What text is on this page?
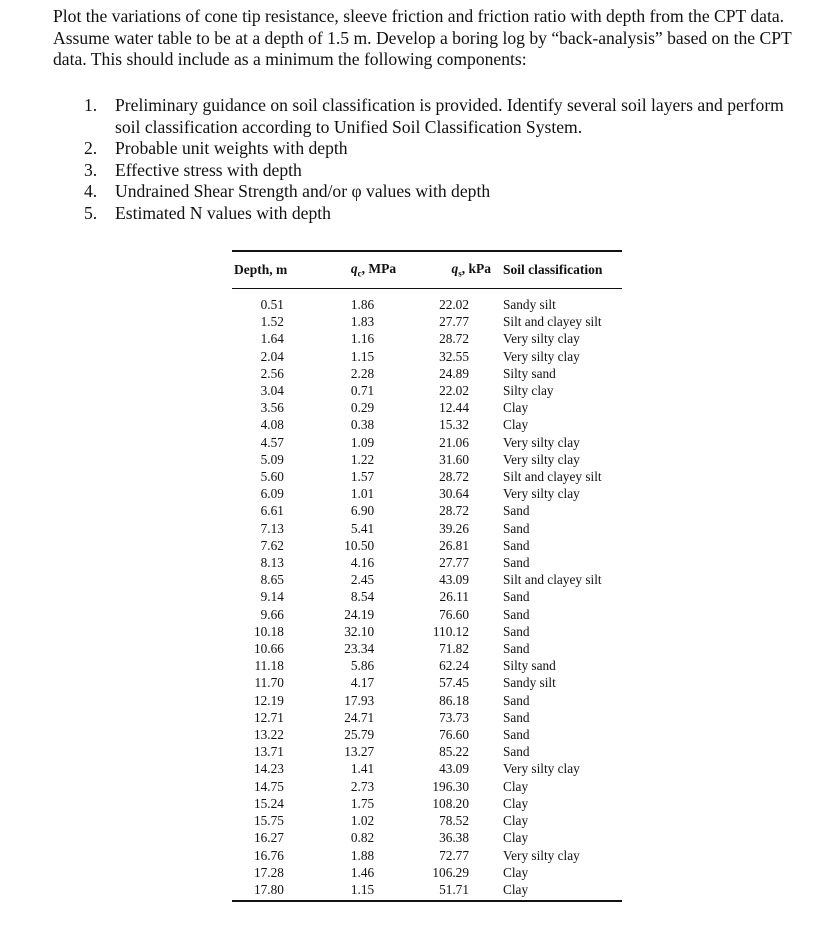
Plot the variations of cone tip resistance, sleeve friction and friction ratio with depth from the CPT data. Assume water table to be at a depth of 1.5 m. Develop a boring log by “back-analysis” based on the CPT data. This should include as a minimum the following components:

1.	Preliminary guidance on soil classification is provided. Identify several soil layers and perform soil classification according to Unified Soil Classification System.
2.	Probable unit weights with depth
3.	Effective stress with depth
4.	Undrained Shear Strength and/or φ values with depth
5.	Estimated N values with depth
Depth, m	$q_c$, MPa	$q_s$, kPa	Soil classification
0.51	1.86	22.02	Sandy silt
1.52	1.83	27.77	Silt and clayey silt
1.64	1.16	28.72	Very silty clay
2.04	1.15	32.55	Very silty clay
2.56	2.28	24.89	Silty sand
3.04	0.71	22.02	Silty clay
3.56	0.29	12.44	Clay
4.08	0.38	15.32	Clay
4.57	1.09	21.06	Very silty clay
5.09	1.22	31.60	Very silty clay
5.60	1.57	28.72	Silt and clayey silt
6.09	1.01	30.64	Very silty clay
6.61	6.90	28.72	Sand
7.13	5.41	39.26	Sand
7.62	10.50	26.81	Sand
8.13	4.16	27.77	Sand
8.65	2.45	43.09	Silt and clayey silt
9.14	8.54	26.11	Sand
9.66	24.19	76.60	Sand
10.18	32.10	110.12	Sand
10.66	23.34	71.82	Sand
11.18	5.86	62.24	Silty sand
11.70	4.17	57.45	Sandy silt
12.19	17.93	86.18	Sand
12.71	24.71	73.73	Sand
13.22	25.79	76.60	Sand
13.71	13.27	85.22	Sand
14.23	1.41	43.09	Very silty clay
14.75	2.73	196.30	Clay
15.24	1.75	108.20	Clay
15.75	1.02	78.52	Clay
16.27	0.82	36.38	Clay
16.76	1.88	72.77	Very silty clay
17.28	1.46	106.29	Clay
17.80	1.15	51.71	Clay
